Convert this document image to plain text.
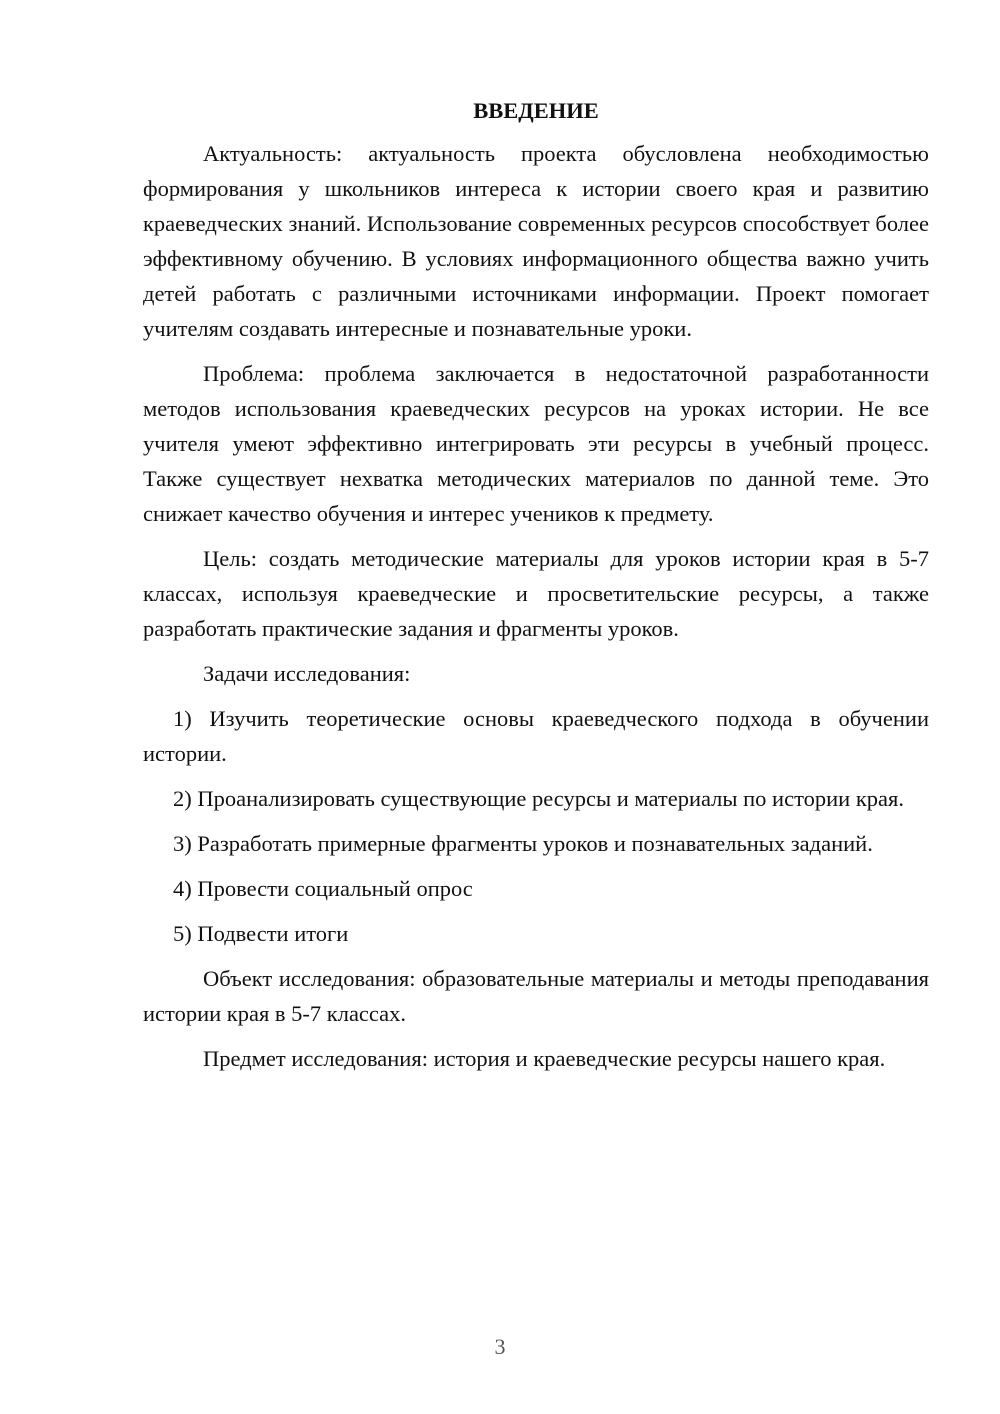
ВВЕДЕНИЕ

Актуальность: актуальность проекта обусловлена необходимостью формирования у школьников интереса к истории своего края и развитию краеведческих знаний. Использование современных ресурсов способствует более эффективному обучению. В условиях информационного общества важно учить детей работать с различными источниками информации. Проект помогает учителям создавать интересные и познавательные уроки.

Проблема: проблема заключается в недостаточной разработанности методов использования краеведческих ресурсов на уроках истории. Не все учителя умеют эффективно интегрировать эти ресурсы в учебный процесс. Также существует нехватка методических материалов по данной теме. Это снижает качество обучения и интерес учеников к предмету.

Цель: создать методические материалы для уроков истории края в 5-7 классах, используя краеведческие и просветительские ресурсы, а также разработать практические задания и фрагменты уроков.

Задачи исследования:

1) Изучить теоретические основы краеведческого подхода в обучении истории.

2) Проанализировать существующие ресурсы и материалы по истории края.

3) Разработать примерные фрагменты уроков и познавательных заданий.

4) Провести социальный опрос

5) Подвести итоги

Объект исследования: образовательные материалы и методы преподавания истории края в 5-7 классах.

Предмет исследования: история и краеведческие ресурсы нашего края.

3
